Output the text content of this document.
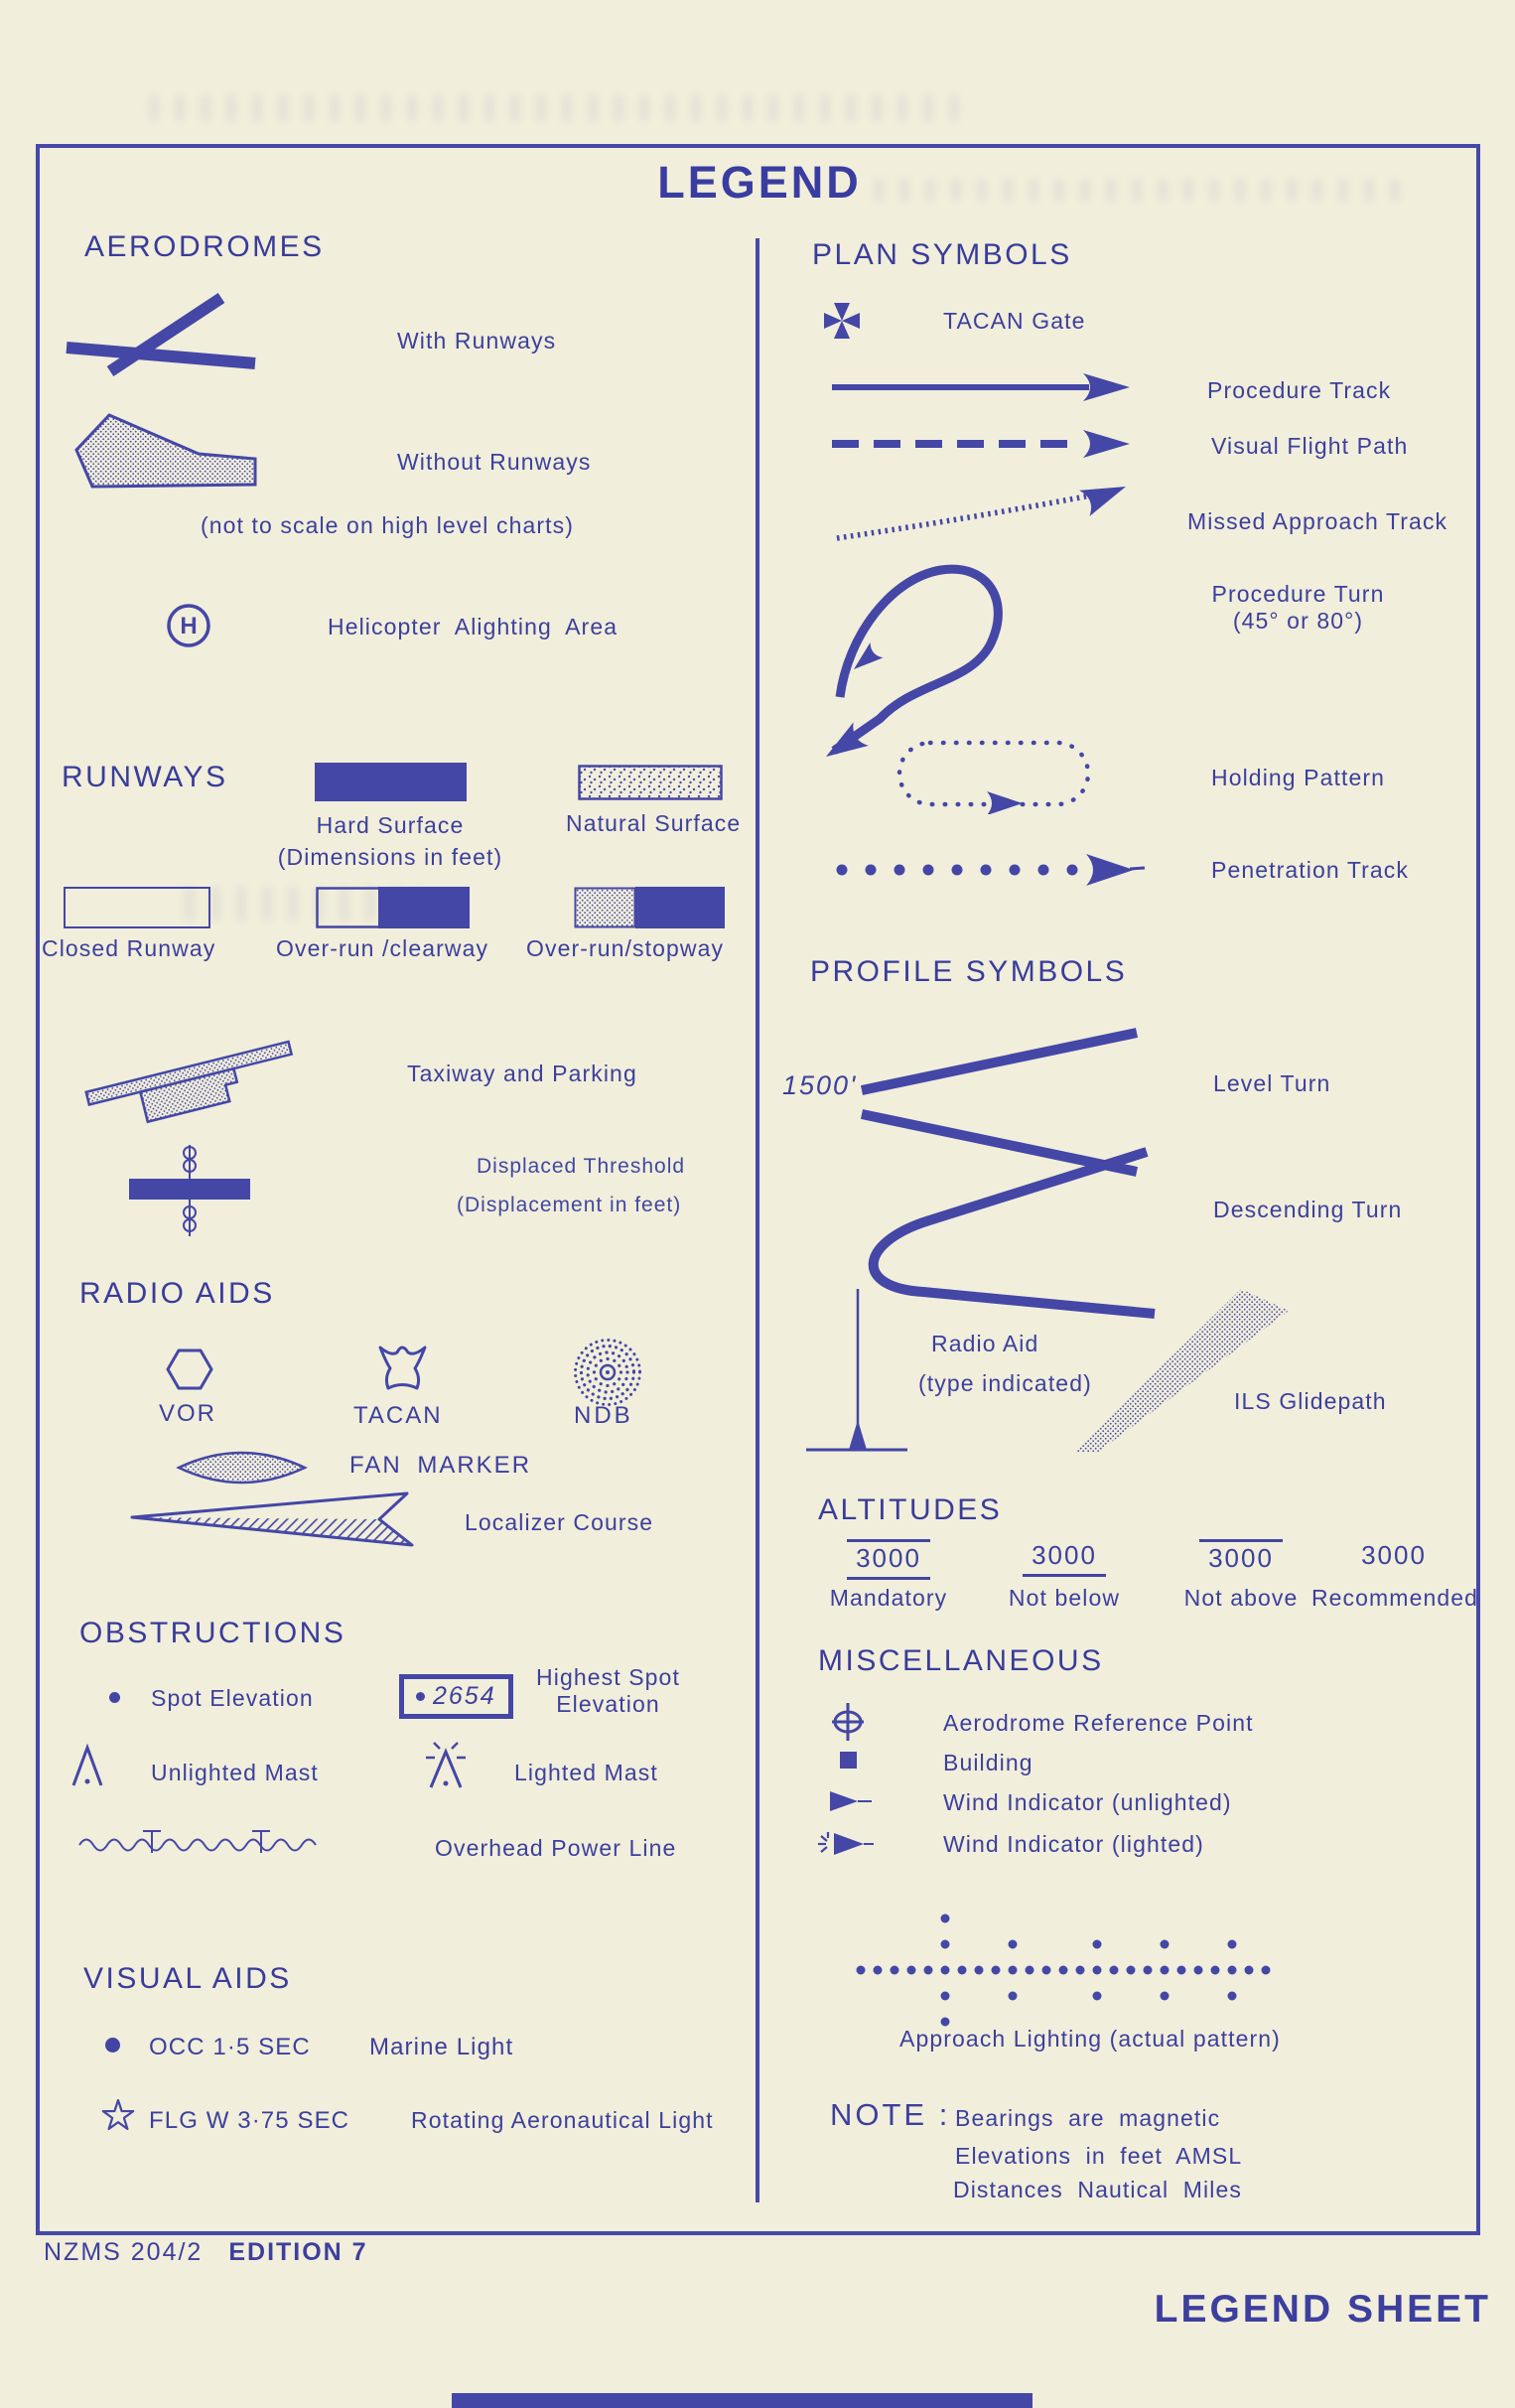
LEGEND
AERODROMES
With Runways
Without Runways
(not to scale on high level charts)
H	Helicopter Alighting Area
RUNWAYS
Hard Surface
(Dimensions in feet)
Natural Surface
Closed Runway	Over-run /clearway Over-run/stopway
Taxiway and Parking
Displaced Threshold
(Displacement in feet)
RADIO AIDS
VOR	TACAN	NDB
FAN MARKER
Localizer Course
OBSTRUCTIONS
Spot Elevation	2654
Highest Spot
Elevation
Unlighted Mast	Lighted Mast
Overhead Power Line
VISUAL AIDS
OCC 1·5 SEC Marine Light
FLG W 3·75 SEC	Rotating Aeronautical Light
PLAN SYMBOLS
TACAN Gate
Procedure Track
Visual Flight Path
Missed Approach Track
Procedure Turn
(45° or 80°)
Holding Pattern
Penetration Track
PROFILE SYMBOLS
1500'	Level Turn
Descending Turn
Radio Aid
(type indicated)
ILS Glidepath
ALTITUDES
3000
Mandatory
3000
Not below
3000
Not above
3000
Recommended
MISCELLANEOUS
Aerodrome Reference Point
Building
Wind Indicator (unlighted)
Wind Indicator (lighted)
Approach Lighting (actual pattern)
NOTE : Bearings are magnetic
Elevations in feet AMSL
Distances Nautical Miles
NZMS 204/2 EDITION 7
LEGEND SHEET
